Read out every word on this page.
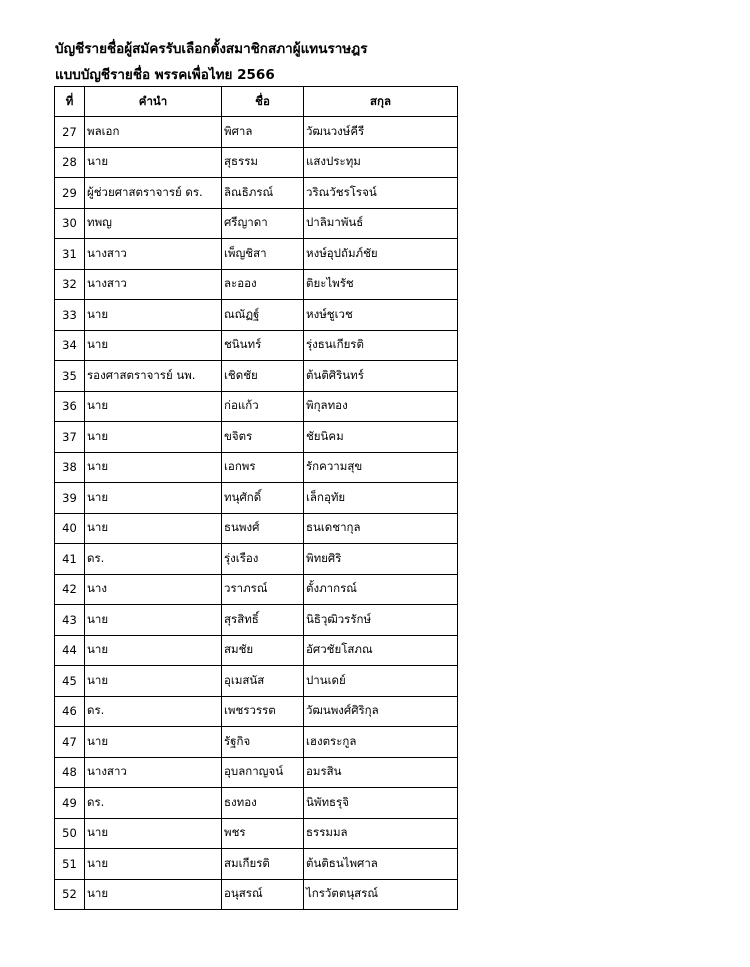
บัญชีรายชื่อผู้สมัครรับเลือกตั้งสมาชิกสภาผู้แทนราษฎร
แบบบัญชีรายชื่อ พรรคเพื่อไทย 2566
ที่	คำนำ	ชื่อ	สกุล
27	พลเอก	พิศาล	วัฒนวงษ์คีรี
28	นาย	สุธรรม	แสงประทุม
29	ผู้ช่วยศาสตราจารย์ ดร.	ลิณธิภรณ์	วริณวัชรโรจน์
30	ทพญ	ศรีญาดา	ปาลิมาพันธ์
31	นางสาว	เพ็ญชิสา	หงษ์อุปถัมภ์ชัย
32	นางสาว	ละออง	ติยะไพรัช
33	นาย	ณณัฏฐ์	หงษ์ชูเวช
34	นาย	ชนินทร์	รุ่งธนเกียรติ
35	รองศาสตราจารย์ นพ.	เชิดชัย	ต้นติศิรินทร์
36	นาย	ก่อแก้ว	พิกุลทอง
37	นาย	ขจิตร	ชัยนิคม
38	นาย	เอกพร	รักความสุข
39	นาย	ทนุศักดิ์	เล็กอุทัย
40	นาย	ธนพงศ์	ธนเดชากุล
41	ดร.	รุ่งเรือง	พิทยศิริ
42	นาง	วราภรณ์	ตั้งภากรณ์
43	นาย	สุรสิทธิ์	นิธิวุฒิวรรักษ์
44	นาย	สมชัย	อัศวชัยโสภณ
45	นาย	อุเมสนัส	ปานเดย์
46	ดร.	เพชรวรรต	วัฒนพงศ์ศิริกุล
47	นาย	รัฐกิจ	เฮงตระกูล
48	นางสาว	อุบลกาญจน์	อมรสิน
49	ดร.	ธงทอง	นิพัทธรุจิ
50	นาย	พชร	ธรรมมล
51	นาย	สมเกียรติ	ต้นติธนไพศาล
52	นาย	อนุสรณ์	ไกรวัตตนุสรณ์
